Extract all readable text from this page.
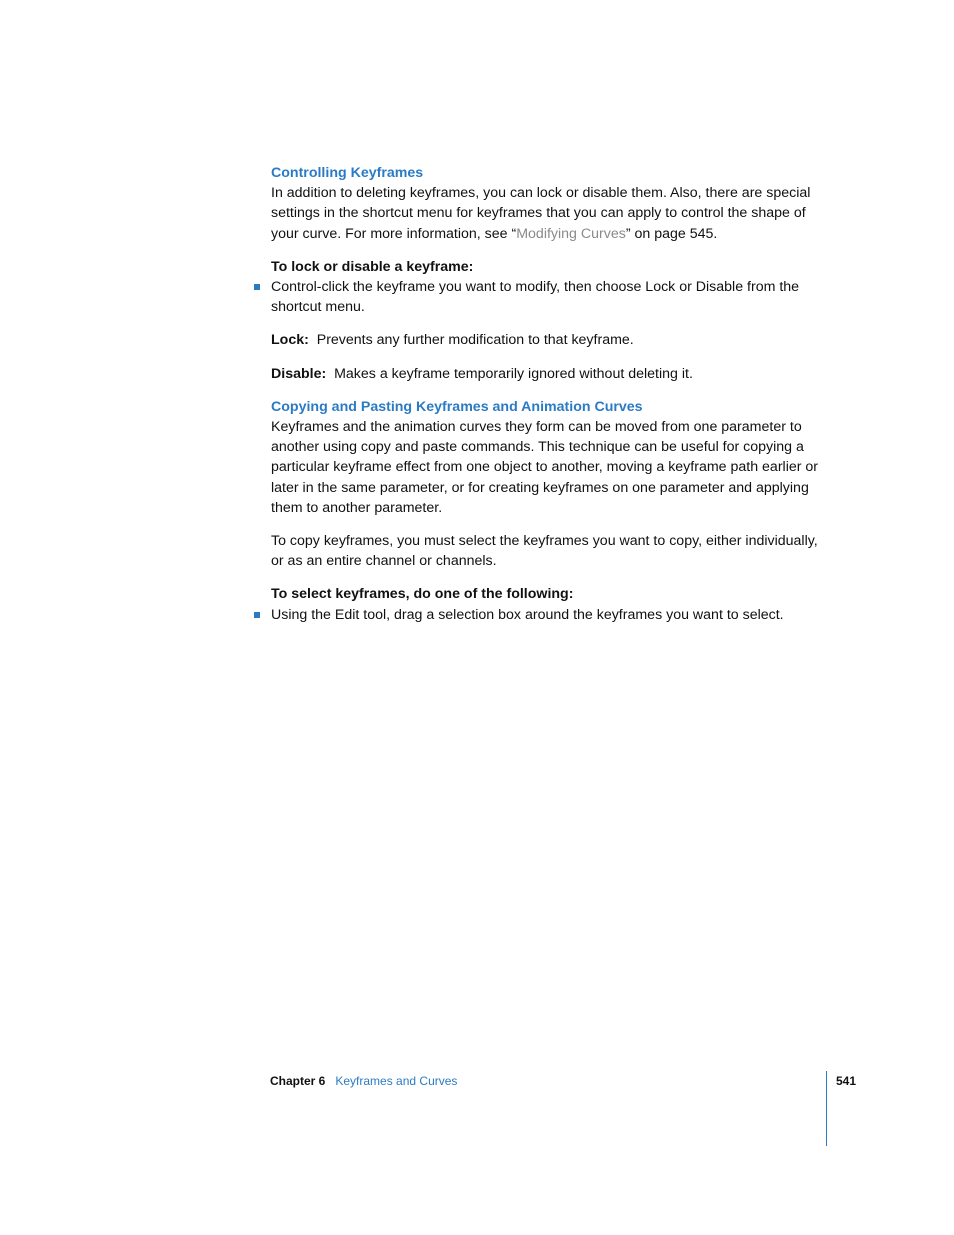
Controlling Keyframes

In addition to deleting keyframes, you can lock or disable them. Also, there are special settings in the shortcut menu for keyframes that you can apply to control the shape of your curve. For more information, see “Modifying Curves” on page 545.

To lock or disable a keyframe:

Control-click the keyframe you want to modify, then choose Lock or Disable from the shortcut menu.

Lock: Prevents any further modification to that keyframe.

Disable: Makes a keyframe temporarily ignored without deleting it.

Copying and Pasting Keyframes and Animation Curves

Keyframes and the animation curves they form can be moved from one parameter to another using copy and paste commands. This technique can be useful for copying a particular keyframe effect from one object to another, moving a keyframe path earlier or later in the same parameter, or for creating keyframes on one parameter and applying them to another parameter.

To copy keyframes, you must select the keyframes you want to copy, either individually, or as an entire channel or channels.

To select keyframes, do one of the following:

Using the Edit tool, drag a selection box around the keyframes you want to select.

Chapter 6 Keyframes and Curves	541
